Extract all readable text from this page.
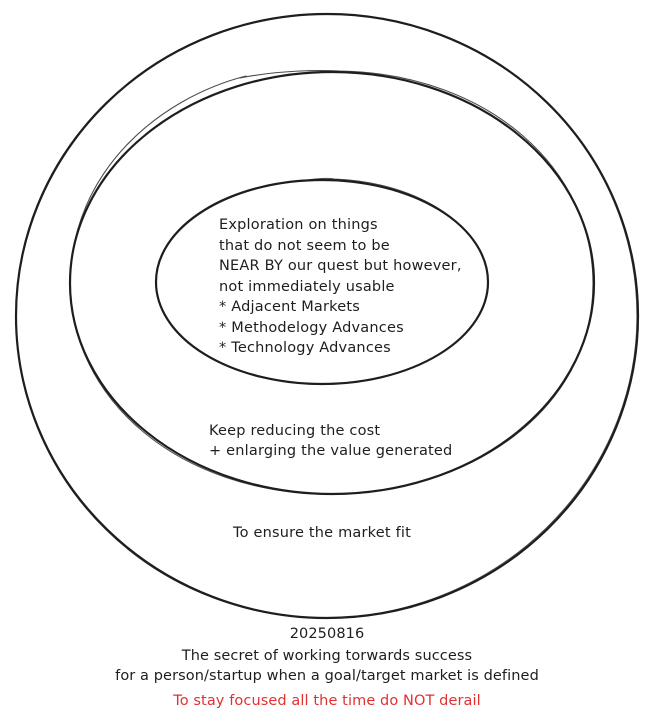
Exploration on things
that do not seem to be
NEAR BY our quest but however,
not immediately usable
* Adjacent Markets
* Methodelogy Advances
* Technology Advances
Keep reducing the cost
+ enlarging the value generated
To ensure the market fit
20250816
The secret of working torwards success
for a person/startup when a goal/target market is defined
To stay focused all the time do NOT derail
